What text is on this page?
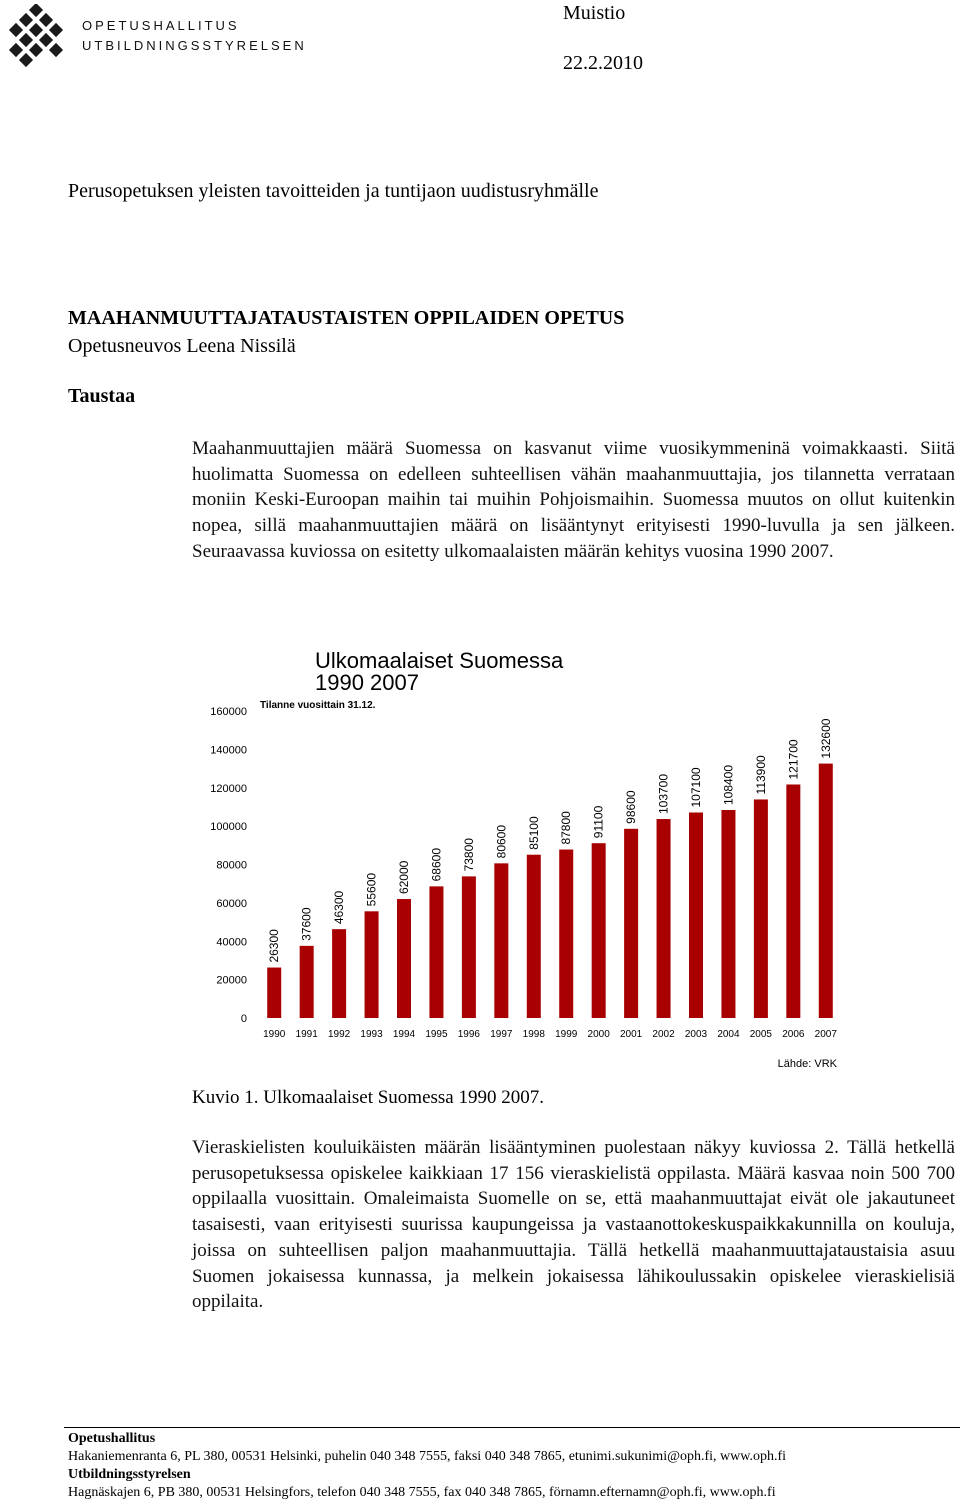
OPETUSHALLITUS
UTBILDNINGSSTYRELSEN
Muistio
22.2.2010
Perusopetuksen yleisten tavoitteiden ja tuntijaon uudistusryhmälle
MAAHANMUUTTAJATAUSTAISTEN OPPILAIDEN OPETUS
Opetusneuvos Leena Nissilä
Taustaa
Maahanmuuttajien määrä Suomessa on kasvanut viime vuosikymmeninä voimakkaasti. Siitä huolimatta Suomessa on edelleen suhteellisen vähän maahanmuuttajia, jos tilannetta verrataan moniin Keski-Euroopan maihin tai muihin Pohjoismaihin. Suomessa muutos on ollut kuitenkin nopea, sillä maahanmuuttajien määrä on lisääntynyt erityisesti 1990-luvulla ja sen jälkeen. Seuraavassa kuviossa on esitetty ulkomaalaisten määrän kehitys vuosina 1990 2007.
Ulkomaalaiset Suomessa
1990 2007
Tilanne vuosittain 31.12.
0
20000
40000
60000
80000
100000
120000
140000
160000
26300
37600
46300
55600 62000 68600 73800 80600 85100 87800 91100 98600 103700 107100 108400 113900 121700
132600
1990 1991 1992 1993 1994 1995 1996 1997 1998 1999 2000 2001 2002 2003 2004 2005 2006 2007
Lähde: VRK
Kuvio 1. Ulkomaalaiset Suomessa 1990 2007.
Vieraskielisten kouluikäisten määrän lisääntyminen puolestaan näkyy kuviossa 2. Tällä hetkellä perusopetuksessa opiskelee kaikkiaan 17 156 vieraskielistä oppilasta. Määrä kasvaa noin 500 700 oppilaalla vuosittain. Omaleimaista Suomelle on se, että maahanmuuttajat eivät ole jakautuneet tasaisesti, vaan erityisesti suurissa kaupungeissa ja vastaanottokeskuspaikkakunnilla on kouluja, joissa on suhteellisen paljon maahanmuuttajia. Tällä hetkellä maahanmuuttajataustaisia asuu Suomen jokaisessa kunnassa, ja melkein jokaisessa lähikoulussakin opiskelee vieraskielisiä oppilaita.
Opetushallitus
Hakaniemenranta 6, PL 380, 00531 Helsinki, puhelin 040 348 7555, faksi 040 348 7865, etunimi.sukunimi@oph.fi, www.oph.fi
Utbildningsstyrelsen
Hagnäskajen 6, PB 380, 00531 Helsingfors, telefon 040 348 7555, fax 040 348 7865, förnamn.efternamn@oph.fi, www.oph.fi
